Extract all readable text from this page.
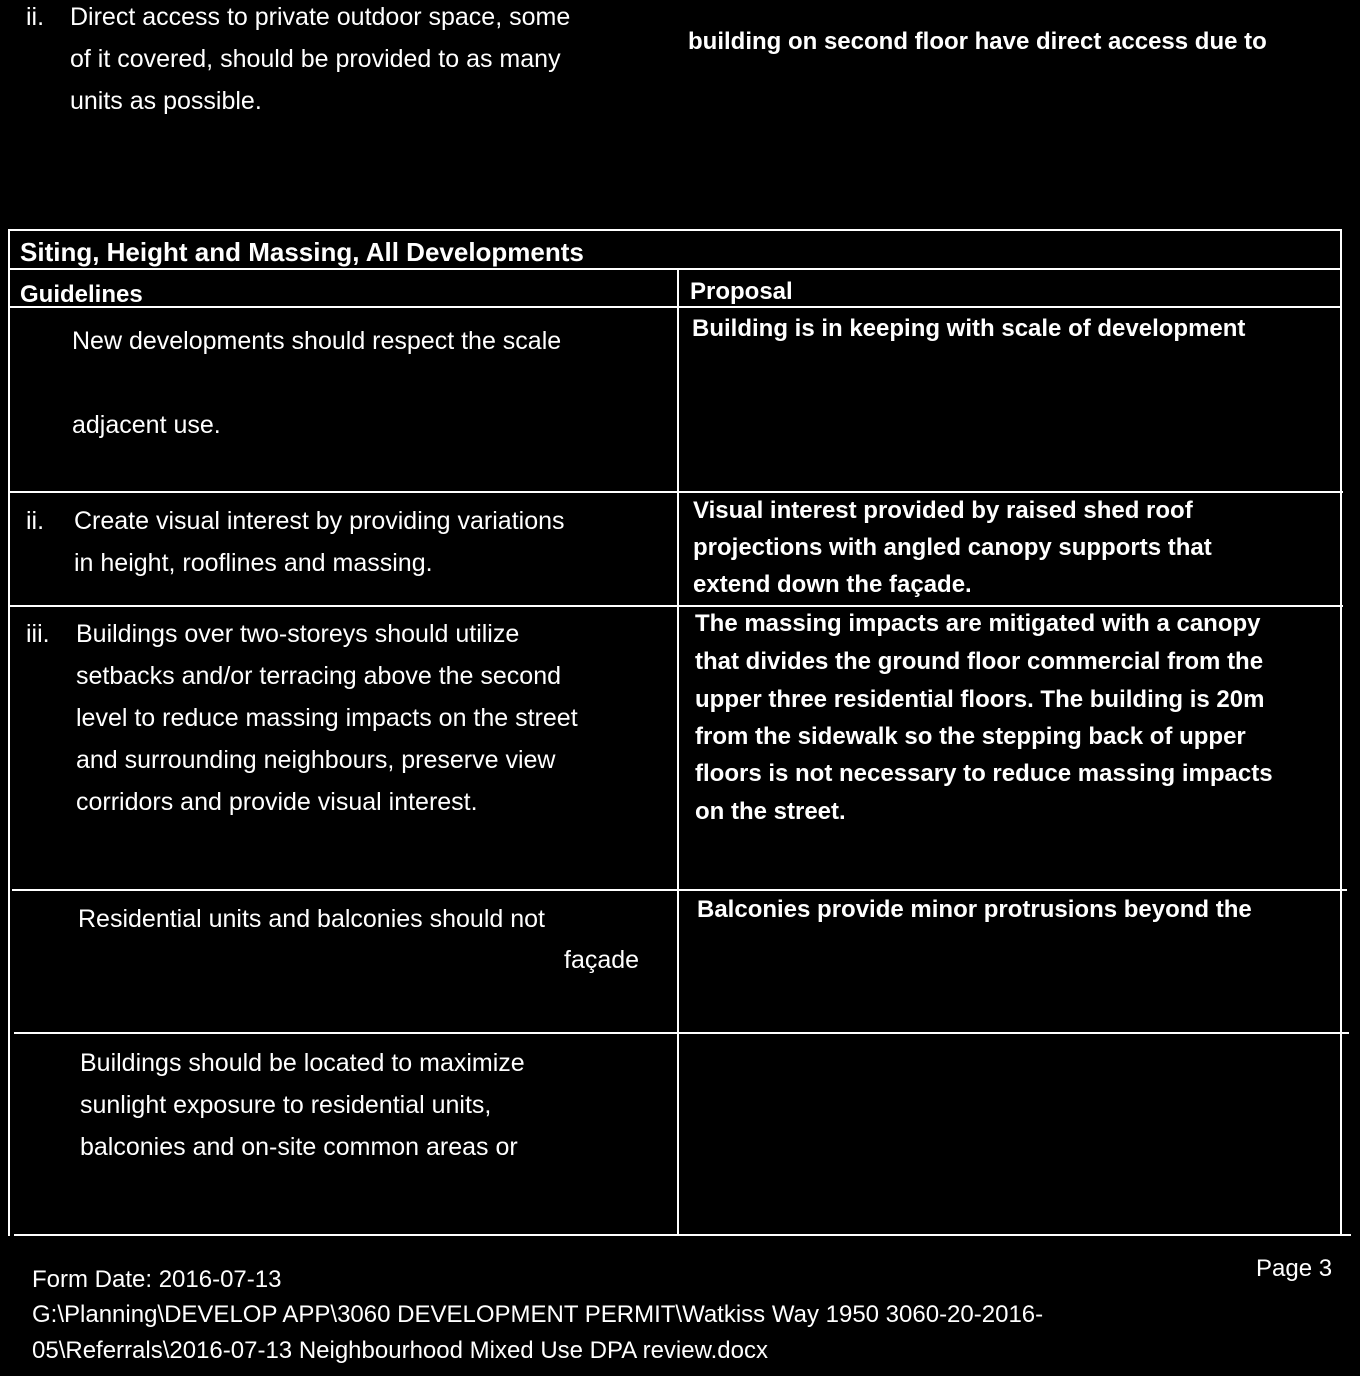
ii. Direct access to private outdoor space, some
of it covered, should be provided to as many
units as possible.
building on second floor have direct access due to
Siting, Height and Massing, All Developments
Guidelines	Proposal
New developments should respect the scale
adjacent use.
Building is in keeping with scale of development
ii. Create visual interest by providing variations
in height, rooflines and massing.
Visual interest provided by raised shed roof
projections with angled canopy supports that
extend down the façade.
iii. Buildings over two-storeys should utilize
setbacks and/or terracing above the second
level to reduce massing impacts on the street
and surrounding neighbours, preserve view
corridors and provide visual interest.
The massing impacts are mitigated with a canopy
that divides the ground floor commercial from the
upper three residential floors. The building is 20m
from the sidewalk so the stepping back of upper
floors is not necessary to reduce massing impacts
on the street.
Residential units and balconies should not
façade
Balconies provide minor protrusions beyond the
Buildings should be located to maximize
sunlight exposure to residential units,
balconies and on-site common areas or
Form Date: 2016-07-13	Page 3
G:\Planning\DEVELOP APP\3060 DEVELOPMENT PERMIT\Watkiss Way 1950 3060-20-2016-
05\Referrals\2016-07-13 Neighbourhood Mixed Use DPA review.docx
